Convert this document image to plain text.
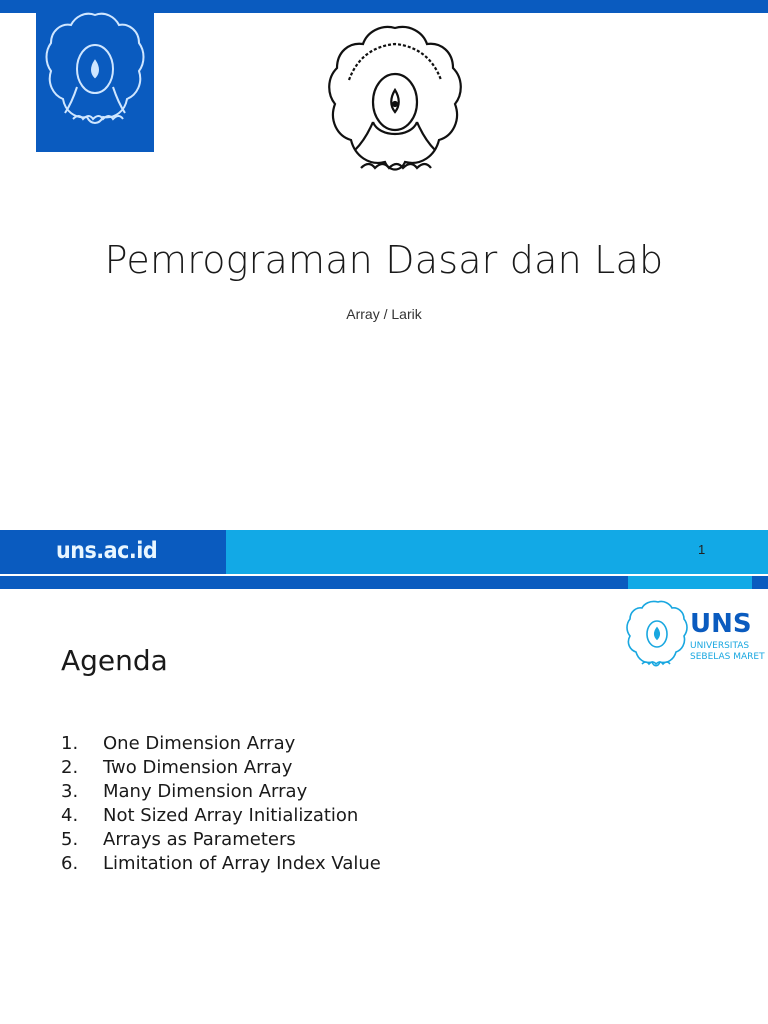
Pemrograman Dasar dan Lab
Array / Larik
uns.ac.id	1
UNS
UNIVERSITAS
SEBELAS MARET
Agenda
1.	One Dimension Array
2.	Two Dimension Array
3.	Many Dimension Array
4.	Not Sized Array Initialization
5.	Arrays as Parameters
6.	Limitation of Array Index Value
